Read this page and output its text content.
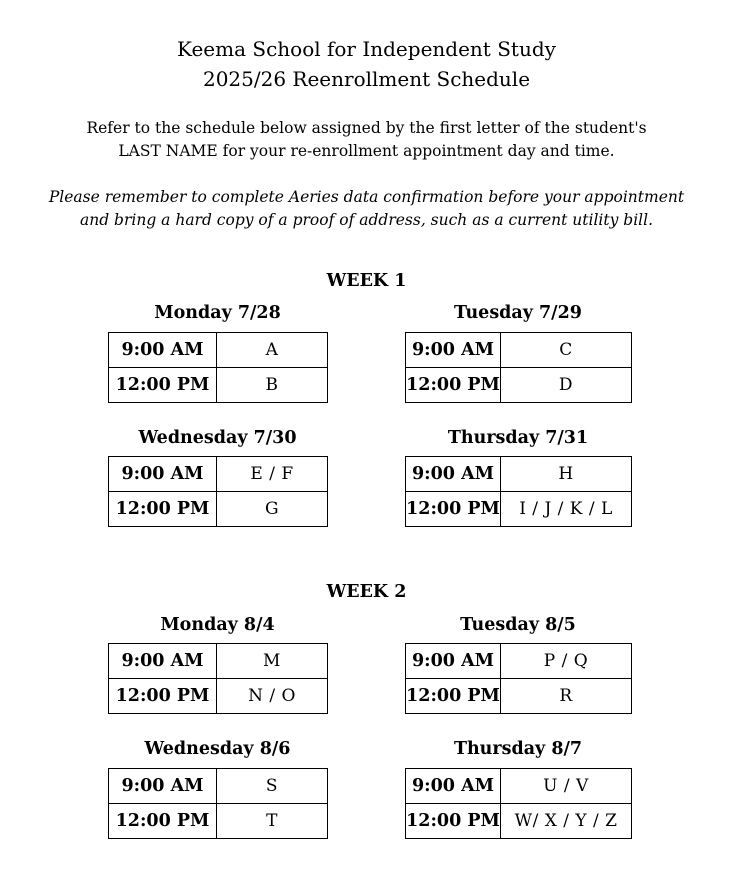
Keema School for Independent Study
2025/26 Reenrollment Schedule

Refer to the schedule below assigned by the first letter of the student's

LAST NAME for your re-enrollment appointment day and time.

Please remember to complete Aeries data confirmation before your appointment

and bring a hard copy of a proof of address, such as a current utility bill.

WEEK 1
Monday 7/28
9:00 AM	A
12:00 PM	B
Tuesday 7/29
9:00 AM	C
12:00 PM	D
Wednesday 7/30
9:00 AM	E / F
12:00 PM	G
Thursday 7/31
9:00 AM	H
12:00 PM	I / J / K / L
WEEK 2
Monday 8/4
9:00 AM	M
12:00 PM	N / O
Tuesday 8/5
9:00 AM	P / Q
12:00 PM	R
Wednesday 8/6
9:00 AM	S
12:00 PM	T
Thursday 8/7
9:00 AM	U / V
12:00 PM	W/ X / Y / Z
